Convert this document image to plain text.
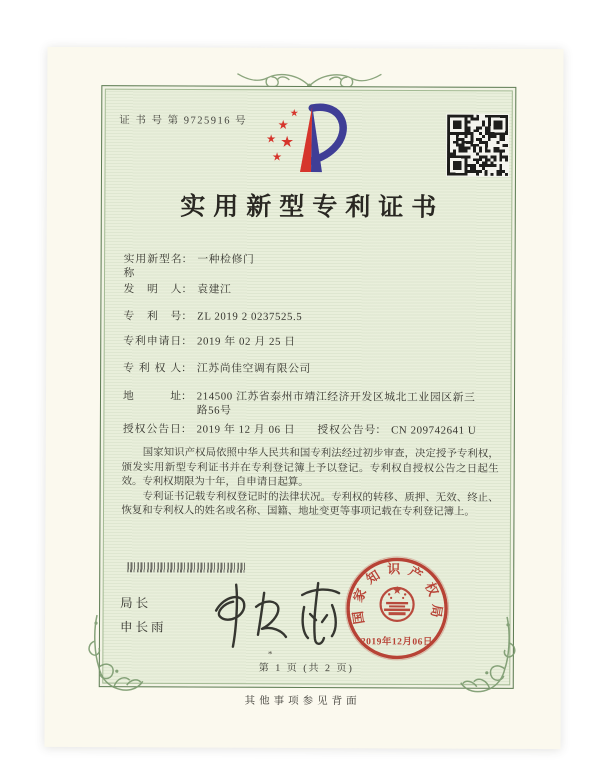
证 书 号 第 9725916 号
实用新型专利证书
实用新型名称
： 一种检修门
发明人 ： 袁建江
专利号 ： ZL 2019 2 0237525.5
专利申请日 ： 2019 年 02 月 25 日
专利权人 ： 江苏尚佳空调有限公司
地址 ： 214500 江苏省泰州市靖江经济开发区城北工业园区新三路56号
授权公告日 ： 2019 年 12 月 06 日 授权公告号 ： CN 209742641 U

国家知识产权局依照中华人民共和国专利法经过初步审查，决定授予专利权，颁发实用新型专利证书并在专利登记簿上予以登记。专利权自授权公告之日起生效。专利权期限为十年，自申请日起算。

专利证书记载专利权登记时的法律状况。专利权的转移、质押、无效、终止、恢复和专利权人的姓名或名称、国籍、地址变更等事项记载在专利登记簿上。

局长
申长雨
国家知识产权局
2019年12月06日
*
第 1 页 (共 2 页)
其他事项参见背面
